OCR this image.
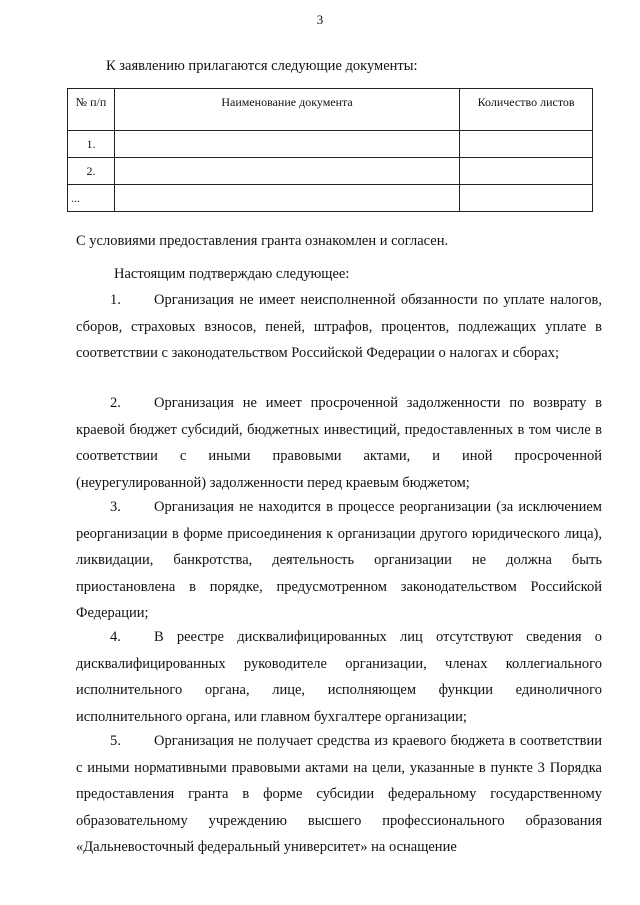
3
К заявлению прилагаются следующие документы:
№ п/п	Наименование документа	Количество листов
1.		
2.		
...		
С условиями предоставления гранта ознакомлен и согласен.
Настоящим подтверждаю следующее:
1. Организация не имеет неисполненной обязанности по уплате налогов, сборов, страховых взносов, пеней, штрафов, процентов, подлежащих уплате в соответствии с законодательством Российской Федерации о налогах и сборах;
2. Организация не имеет просроченной задолженности по возврату в краевой бюджет субсидий, бюджетных инвестиций, предоставленных в том числе в соответствии с иными правовыми актами, и иной просроченной (неурегулированной) задолженности перед краевым бюджетом;
3. Организация не находится в процессе реорганизации (за исключением реорганизации в форме присоединения к организации другого юридического лица), ликвидации, банкротства, деятельность организации не должна быть приостановлена в порядке, предусмотренном законодательством Российской Федерации;
4. В реестре дисквалифицированных лиц отсутствуют сведения о дисквалифицированных руководителе организации, членах коллегиального исполнительного органа, лице, исполняющем функции единоличного исполнительного органа, или главном бухгалтере организации;
5. Организация не получает средства из краевого бюджета в соответствии с иными нормативными правовыми актами на цели, указанные в пункте 3 Порядка предоставления гранта в форме субсидии федеральному государственному образовательному учреждению высшего профессионального образования «Дальневосточный федеральный университет» на оснащение
